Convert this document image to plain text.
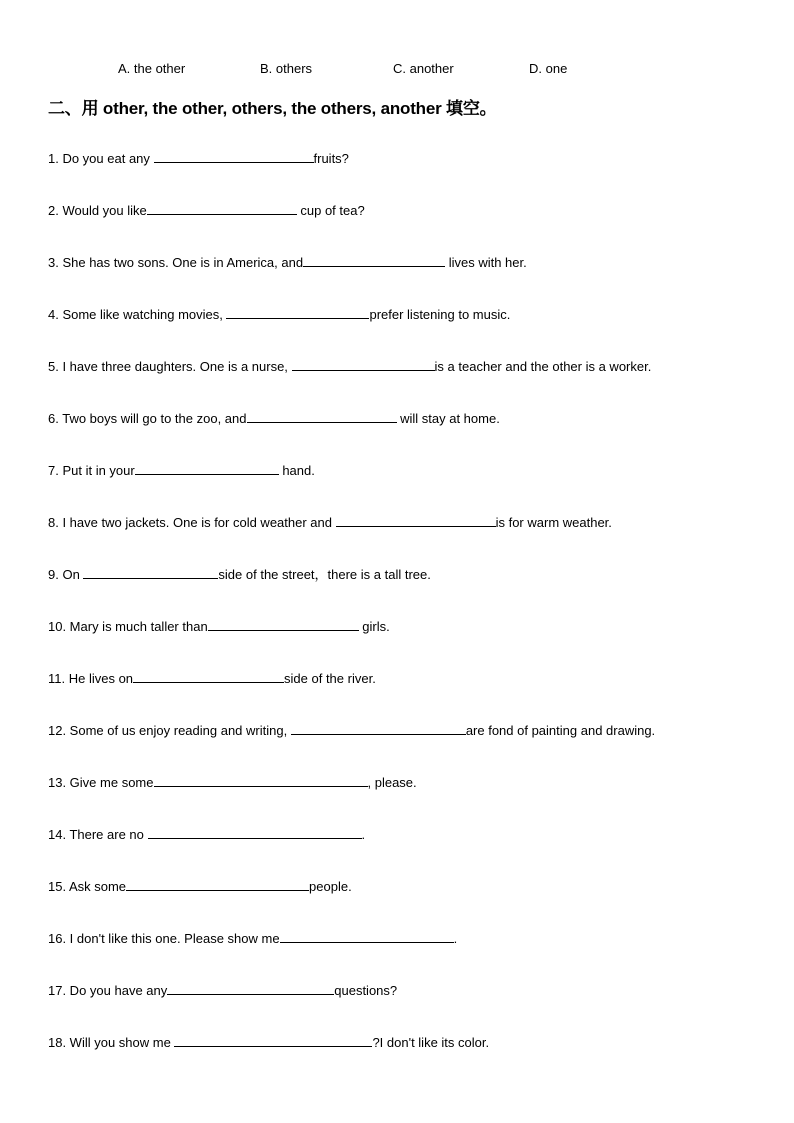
A. the other	B. others	C. another	D. one
二、用 other, the other, others, the others, another 填空。
1. Do you eat any	fruits?
2. Would you like	cup of tea?
3. She has two sons. One is in America, and	lives with her.
4. Some like watching movies,	prefer listening to music.
5. I have three daughters. One is a nurse,	is a teacher and the other is a worker.
6. Two boys will go to the zoo, and	will stay at home.
7. Put it in your	hand.
8. I have two jackets. One is for cold weather and	is for warm weather.
9. On	side of the street，there is a tall tree.
10. Mary is much taller than	girls.
11. He lives on	side of the river.
12. Some of us enjoy reading and writing,	are fond of painting and drawing.
13. Give me some	, please.
14. There are no	.
15. Ask some	people.
16. I don't like this one. Please show me	.
17. Do you have any	questions?
18. Will you show me	?I don't like its color.
